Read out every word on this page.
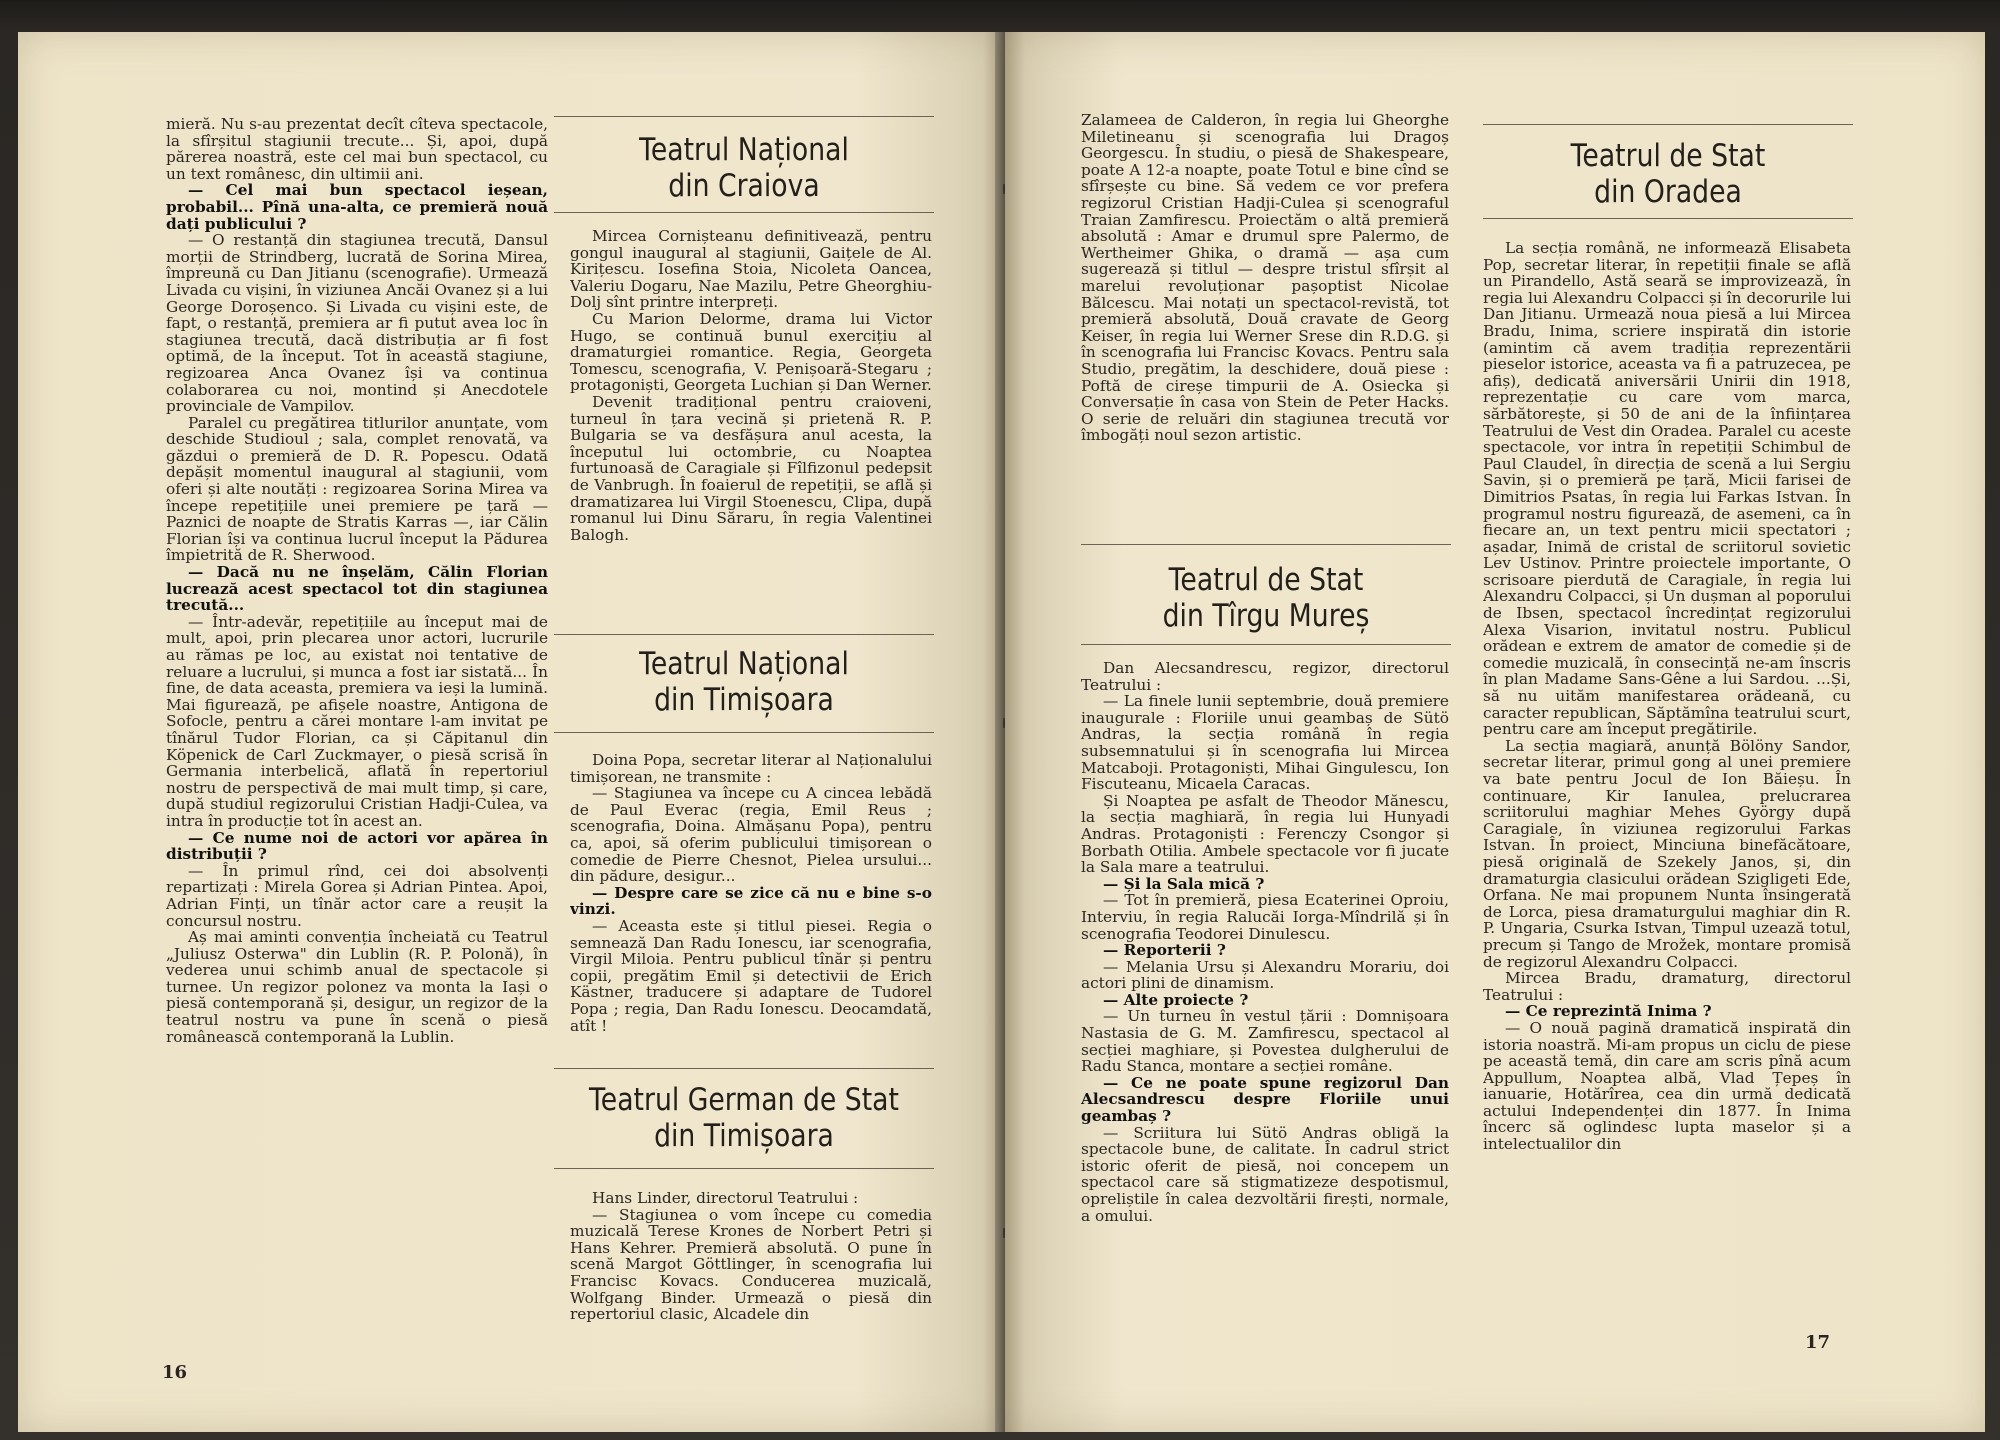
mieră. Nu s-au prezentat decît cîteva spectacole, la sfîrșitul stagiunii trecute... Și, apoi, după părerea noastră, este cel mai bun spectacol, cu un text românesc, din ultimii ani.

— Cel mai bun spectacol ieșean, probabil... Pînă una-alta, ce premieră nouă dați publicului ?

— O restanță din stagiunea trecută, Dansul morții de Strindberg, lucrată de Sorina Mirea, împreună cu Dan Jitianu (scenografie). Urmează Livada cu vișini, în viziunea Ancăi Ovanez și a lui George Doroșenco. Și Livada cu vișini este, de fapt, o restanță, premiera ar fi putut avea loc în stagiunea trecută, dacă distribuția ar fi fost optimă, de la început. Tot în această stagiune, regizoarea Anca Ovanez își va continua colaborarea cu noi, montind și Anecdotele provinciale de Vampilov.

Paralel cu pregătirea titlurilor anunțate, vom deschide Studioul ; sala, complet renovată, va găzdui o premieră de D. R. Popescu. Odată depășit momentul inaugural al stagiunii, vom oferi și alte noutăți : regizoarea Sorina Mirea va începe repetițiile unei premiere pe țară — Paznici de noapte de Stratis Karras —, iar Călin Florian își va continua lucrul început la Pădurea împietrită de R. Sherwood.

— Dacă nu ne înșelăm, Călin Florian lucrează acest spectacol tot din stagiunea trecută...

— Într-adevăr, repetițiile au început mai de mult, apoi, prin plecarea unor actori, lucrurile au rămas pe loc, au existat noi tentative de reluare a lucrului, și munca a fost iar sistată... În fine, de data aceasta, premiera va ieși la lumină. Mai figurează, pe afișele noastre, Antigona de Sofocle, pentru a cărei montare l-am invitat pe tînărul Tudor Florian, ca și Căpitanul din Köpenick de Carl Zuckmayer, o piesă scrisă în Germania interbelică, aflată în repertoriul nostru de perspectivă de mai mult timp, și care, după studiul regizorului Cristian Hadji-Culea, va intra în producție tot în acest an.

— Ce nume noi de actori vor apărea în distribuții ?

— În primul rînd, cei doi absolvenți repartizați : Mirela Gorea și Adrian Pintea. Apoi, Adrian Finți, un tînăr actor care a reușit la concursul nostru.

Aș mai aminti convenția încheiată cu Teatrul „Juliusz Osterwa" din Lublin (R. P. Polonă), în vederea unui schimb anual de spectacole și turnee. Un regizor polonez va monta la Iași o piesă contemporană și, desigur, un regizor de la teatrul nostru va pune în scenă o piesă românească contemporană la Lublin.

Teatrul Național
din Craiova

Mircea Cornișteanu definitivează, pentru gongul inaugural al stagiunii, Gaițele de Al. Kirițescu. Iosefina Stoia, Nicoleta Oancea, Valeriu Dogaru, Nae Mazilu, Petre Gheorghiu-Dolj sînt printre interpreți.

Cu Marion Delorme, drama lui Victor Hugo, se continuă bunul exercițiu al dramaturgiei romantice. Regia, Georgeta Tomescu, scenografia, V. Penișoară-Stegaru ; protagoniști, Georgeta Luchian și Dan Werner.

Devenit tradițional pentru craioveni, turneul în țara vecină și prietenă R. P. Bulgaria se va desfășura anul acesta, la începutul lui octombrie, cu Noaptea furtunoasă de Caragiale și Fîlfizonul pedepsit de Vanbrugh. În foaierul de repetiții, se află și dramatizarea lui Virgil Stoenescu, Clipa, după romanul lui Dinu Săraru, în regia Valentinei Balogh.

Teatrul Național
din Timișoara

Doina Popa, secretar literar al Naționalului timișorean, ne transmite :

— Stagiunea va începe cu A cincea lebădă de Paul Everac (regia, Emil Reus ; scenografia, Doina. Almășanu Popa), pentru ca, apoi, să oferim publicului timișorean o comedie de Pierre Chesnot, Pielea ursului... din pădure, desigur...

— Despre care se zice că nu e bine s-o vinzi.

— Aceasta este și titlul piesei. Regia o semnează Dan Radu Ionescu, iar scenografia, Virgil Miloia. Pentru publicul tînăr și pentru copii, pregătim Emil și detectivii de Erich Kästner, traducere și adaptare de Tudorel Popa ; regia, Dan Radu Ionescu. Deocamdată, atît !

Teatrul German de Stat
din Timișoara

Hans Linder, directorul Teatrului :

— Stagiunea o vom începe cu comedia muzicală Terese Krones de Norbert Petri și Hans Kehrer. Premieră absolută. O pune în scenă Margot Göttlinger, în scenografia lui Francisc Kovacs. Conducerea muzicală, Wolfgang Binder. Urmează o piesă din repertoriul clasic, Alcadele din

16

Zalameea de Calderon, în regia lui Gheorghe Miletineanu și scenografia lui Dragoș Georgescu. În studiu, o piesă de Shakespeare, poate A 12-a noapte, poate Totul e bine cînd se sfîrșește cu bine. Să vedem ce vor prefera regizorul Cristian Hadji-Culea și scenograful Traian Zamfirescu. Proiectăm o altă premieră absolută : Amar e drumul spre Palermo, de Wertheimer Ghika, o dramă — așa cum sugerează și titlul — despre tristul sfîrșit al marelui revoluționar pașoptist Nicolae Bălcescu. Mai notați un spectacol-revistă, tot premieră absolută, Două cravate de Georg Keiser, în regia lui Werner Srese din R.D.G. și în scenografia lui Francisc Kovacs. Pentru sala Studio, pregătim, la deschidere, două piese : Poftă de cireșe timpurii de A. Osiecka și Conversație în casa von Stein de Peter Hacks. O serie de reluări din stagiunea trecută vor îmbogăți noul sezon artistic.

Teatrul de Stat
din Tîrgu Mureș

Dan Alecsandrescu, regizor, directorul Teatrului :

— La finele lunii septembrie, două premiere inaugurale : Floriile unui geambaș de Sütö Andras, la secția română în regia subsemnatului și în scenografia lui Mircea Matcaboji. Protagoniști, Mihai Gingulescu, Ion Fiscuteanu, Micaela Caracas.

Și Noaptea pe asfalt de Theodor Mănescu, la secția maghiară, în regia lui Hunyadi Andras. Protagoniști : Ferenczy Csongor și Borbath Otilia. Ambele spectacole vor fi jucate la Sala mare a teatrului.

— Și la Sala mică ?

— Tot în premieră, piesa Ecaterinei Oproiu, Interviu, în regia Ralucăi Iorga-Mîndrilă și în scenografia Teodorei Dinulescu.

— Reporterii ?

— Melania Ursu și Alexandru Morariu, doi actori plini de dinamism.

— Alte proiecte ?

— Un turneu în vestul țării : Domnișoara Nastasia de G. M. Zamfirescu, spectacol al secției maghiare, și Povestea dulgherului de Radu Stanca, montare a secției române.

— Ce ne poate spune regizorul Dan Alecsandrescu despre Floriile unui geambaș ?

— Scriitura lui Sütö Andras obligă la spectacole bune, de calitate. În cadrul strict istoric oferit de piesă, noi concepem un spectacol care să stigmatizeze despotismul, opreliștile în calea dezvoltării firești, normale, a omului.

Teatrul de Stat
din Oradea

La secția română, ne informează Elisabeta Pop, secretar literar, în repetiții finale se află un Pirandello, Astă seară se improvizează, în regia lui Alexandru Colpacci și în decorurile lui Dan Jitianu. Urmează noua piesă a lui Mircea Bradu, Inima, scriere inspirată din istorie (amintim că avem tradiția reprezentării pieselor istorice, aceasta va fi a patruzecea, pe afiș), dedicată aniversării Unirii din 1918, reprezentație cu care vom marca, sărbătorește, și 50 de ani de la înființarea Teatrului de Vest din Oradea. Paralel cu aceste spectacole, vor intra în repetiții Schimbul de Paul Claudel, în direcția de scenă a lui Sergiu Savin, și o premieră pe țară, Micii farisei de Dimitrios Psatas, în regia lui Farkas Istvan. În programul nostru figurează, de asemeni, ca în fiecare an, un text pentru micii spectatori ; așadar, Inimă de cristal de scriitorul sovietic Lev Ustinov. Printre proiectele importante, O scrisoare pierdută de Caragiale, în regia lui Alexandru Colpacci, și Un dușman al poporului de Ibsen, spectacol încredințat regizorului Alexa Visarion, invitatul nostru. Publicul orădean e extrem de amator de comedie și de comedie muzicală, în consecință ne-am înscris în plan Madame Sans-Gêne a lui Sardou. ...Și, să nu uităm manifestarea orădeană, cu caracter republican, Săptămîna teatrului scurt, pentru care am început pregătirile.

La secția magiară, anunță Bölöny Sandor, secretar literar, primul gong al unei premiere va bate pentru Jocul de Ion Băieșu. În continuare, Kir Ianulea, prelucrarea scriitorului maghiar Mehes György după Caragiale, în viziunea regizorului Farkas Istvan. În proiect, Minciuna binefăcătoare, piesă originală de Szekely Janos, și, din dramaturgia clasicului orădean Szigligeti Ede, Orfana. Ne mai propunem Nunta însingerată de Lorca, piesa dramaturgului maghiar din R. P. Ungaria, Csurka Istvan, Timpul uzează totul, precum și Tango de Mrožek, montare promisă de regizorul Alexandru Colpacci.

Mircea Bradu, dramaturg, directorul Teatrului :

— Ce reprezintă Inima ?

— O nouă pagină dramatică inspirată din istoria noastră. Mi-am propus un ciclu de piese pe această temă, din care am scris pînă acum Appullum, Noaptea albă, Vlad Țepeș în ianuarie, Hotărîrea, cea din urmă dedicată actului Independenței din 1877. În Inima încerc să oglindesc lupta maselor și a intelectualilor din

17
